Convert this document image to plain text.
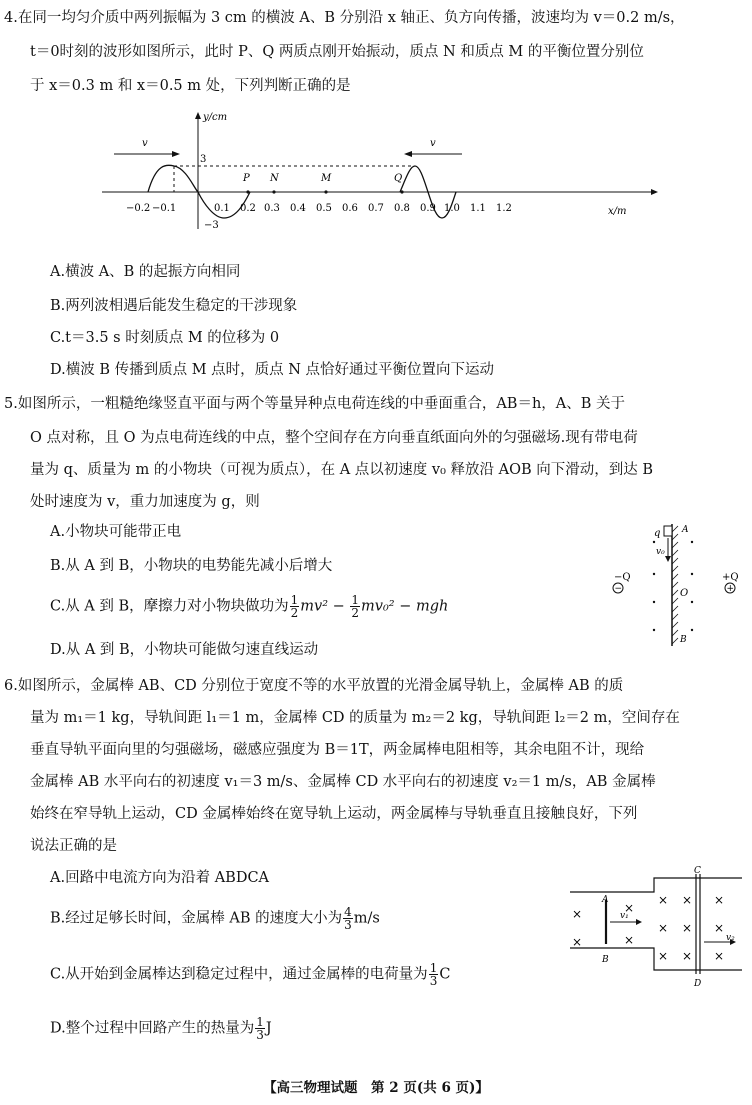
4.在同一均匀介质中两列振幅为 3 cm 的横波 A、B 分别沿 x 轴正、负方向传播，波速均为 v＝0.2 m/s，
t＝0时刻的波形如图所示，此时 P、Q 两质点刚开始振动，质点 N 和质点 M 的平衡位置分别位
于 x＝0.3 m 和 x＝0.5 m 处，下列判断正确的是
y/cm
x/m
v	v
3
−3
−0.2 −0.1	0.1 0.2 0.3 0.4 0.5 0.6 0.7 0.8 0.9 1.0 1.1 1.2
P N	M	Q
A.横波 A、B 的起振方向相同
B.两列波相遇后能发生稳定的干涉现象
C.t＝3.5 s 时刻质点 M 的位移为 0
D.横波 B 传播到质点 M 点时，质点 N 点恰好通过平衡位置向下运动
5.如图所示，一粗糙绝缘竖直平面与两个等量异种点电荷连线的中垂面重合，AB＝h，A、B 关于
O 点对称，且 O 为点电荷连线的中点，整个空间存在方向垂直纸面向外的匀强磁场.现有带电荷
量为 q、质量为 m 的小物块（可视为质点），在 A 点以初速度 v₀ 释放沿 AOB 向下滑动，到达 B
处时速度为 v，重力加速度为 g，则
A.小物块可能带正电
B.从 A 到 B，小物块的电势能先减小后增大
C.从 A 到 B，摩擦力对小物块做功为 $\frac{1}{2} mv^2 - \frac{1}{2} mv_0^2$ − mgh
D.从 A 到 B，小物块可能做匀速直线运动
q A
v₀
−Q
−
+Q
+
O
B
6.如图所示，金属棒 AB、CD 分别位于宽度不等的水平放置的光滑金属导轨上，金属棒 AB 的质
量为 m₁＝1 kg，导轨间距 l₁＝1 m，金属棒 CD 的质量为 m₂＝2 kg，导轨间距 l₂＝2 m，空间存在
垂直导轨平面向里的匀强磁场，磁感应强度为 B＝1T，两金属棒电阻相等，其余电阻不计，现给
金属棒 AB 水平向右的初速度 v₁＝3 m/s、金属棒 CD 水平向右的初速度 v₂＝1 m/s，AB 金属棒
始终在窄导轨上运动，CD 金属棒始终在宽导轨上运动，两金属棒与导轨垂直且接触良好，下列
说法正确的是
A.回路中电流方向为沿着 ABDCA
B.经过足够长时间，金属棒 AB 的速度大小为 $\frac{4}{3} m/s$
C.从开始到金属棒达到稳定过程中，通过金属棒的电荷量为 $\frac{1}{3}$ C
D.整个过程中回路产生的热量为 $\frac{1}{3}$ J
A
B
C
D
v₁
v₂
×
×
×
×
×
×
×
×
×
×
×
×
×
【高三物理试题　第 2 页(共 6 页)】
